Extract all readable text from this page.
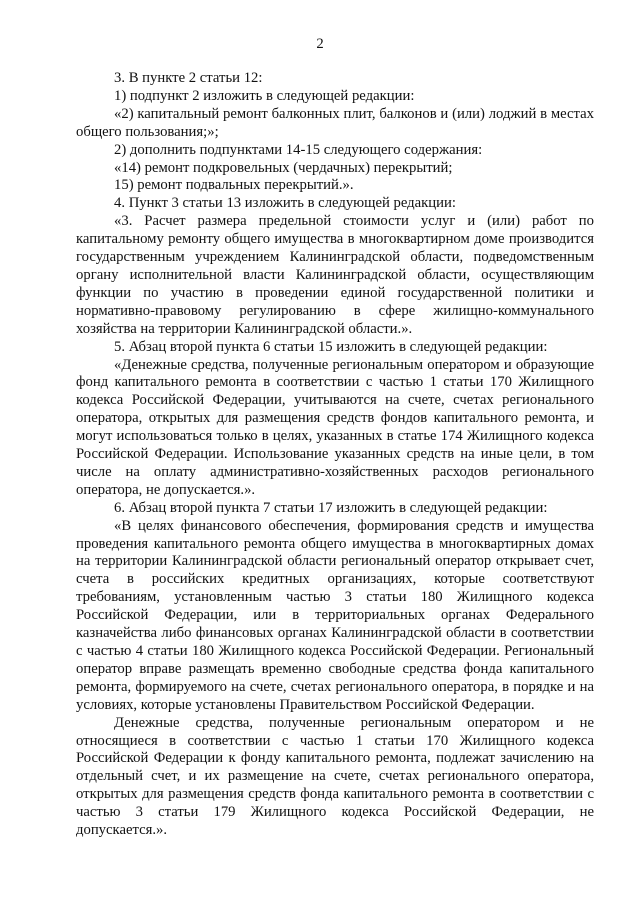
2

3. В пункте 2 статьи 12:

1) подпункт 2 изложить в следующей редакции:

«2) капитальный ремонт балконных плит, балконов и (или) лоджий в местах общего пользования;»;

2) дополнить подпунктами 14-15 следующего содержания:

«14) ремонт подкровельных (чердачных) перекрытий;

15) ремонт подвальных перекрытий.».

4. Пункт 3 статьи 13 изложить в следующей редакции:

«3. Расчет размера предельной стоимости услуг и (или) работ по капитальному ремонту общего имущества в многоквартирном доме производится государственным учреждением Калининградской области, подведомственным органу исполнительной власти Калининградской области, осуществляющим функции по участию в проведении единой государственной политики и нормативно-правовому регулированию в сфере жилищно-коммунального хозяйства на территории Калининградской области.».

5. Абзац второй пункта 6 статьи 15 изложить в следующей редакции:

«Денежные средства, полученные региональным оператором и образующие фонд капитального ремонта в соответствии с частью 1 статьи 170 Жилищного кодекса Российской Федерации, учитываются на счете, счетах регионального оператора, открытых для размещения средств фондов капитального ремонта, и могут использоваться только в целях, указанных в статье 174 Жилищного кодекса Российской Федерации. Использование указанных средств на иные цели, в том числе на оплату административно-хозяйственных расходов регионального оператора, не допускается.».

6. Абзац второй пункта 7 статьи 17 изложить в следующей редакции:

«В целях финансового обеспечения, формирования средств и имущества проведения капитального ремонта общего имущества в многоквартирных домах на территории Калининградской области региональный оператор открывает счет, счета в российских кредитных организациях, которые соответствуют требованиям, установленным частью 3 статьи 180 Жилищного кодекса Российской Федерации, или в территориальных органах Федерального казначейства либо финансовых органах Калининградской области в соответствии с частью 4 статьи 180 Жилищного кодекса Российской Федерации. Региональный оператор вправе размещать временно свободные средства фонда капитального ремонта, формируемого на счете, счетах регионального оператора, в порядке и на условиях, которые установлены Правительством Российской Федерации.

Денежные средства, полученные региональным оператором и не относящиеся в соответствии с частью 1 статьи 170 Жилищного кодекса Российской Федерации к фонду капитального ремонта, подлежат зачислению на отдельный счет, и их размещение на счете, счетах регионального оператора, открытых для размещения средств фонда капитального ремонта в соответствии с частью 3 статьи 179 Жилищного кодекса Российской Федерации, не допускается.».
